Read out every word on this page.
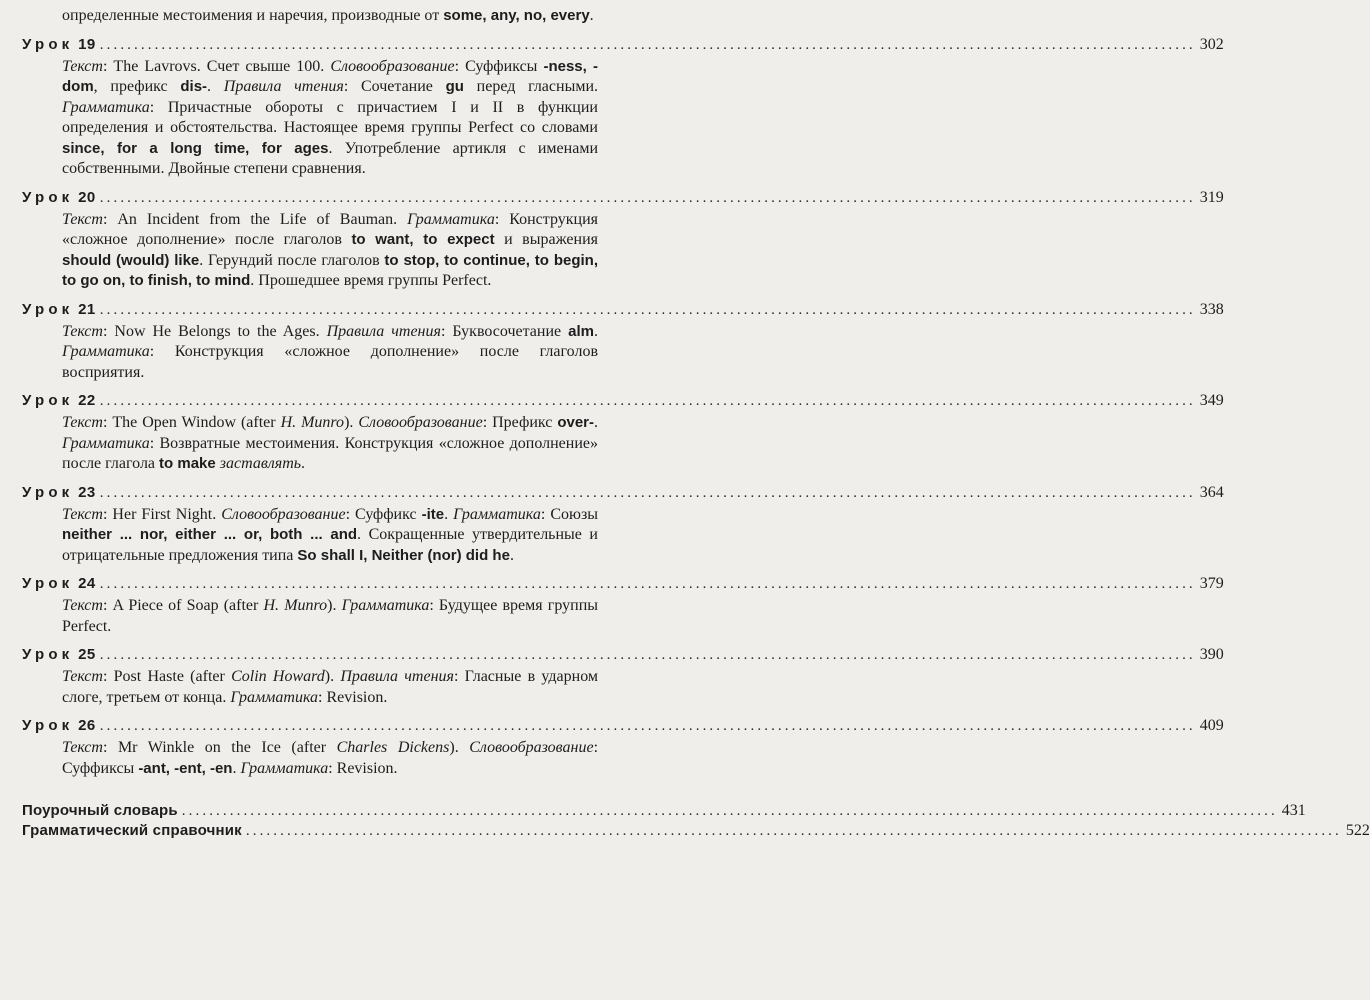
определенные местоимения и наречия, производные от some, any, no, every.

Урок 19 ................................................................................................................................................................ 302

Текст: The Lavrovs. Счет свыше 100. Словообразование: Суффиксы -ness, -dom, префикс dis-. Правила чтения: Сочетание gu перед гласными. Грамматика: Причастные обороты с причастием I и II в функции определения и обстоятельства. Настоящее время группы Perfect со словами since, for a long time, for ages. Употребление артикля с именами собственными. Двойные степени сравнения.

Урок 20 ................................................................................................................................................................ 319

Текст: An Incident from the Life of Bauman. Грамматика: Конструкция «сложное дополнение» после глаголов to want, to expect и выражения should (would) like. Герундий после глаголов to stop, to continue, to begin, to go on, to finish, to mind. Прошедшее время группы Perfect.

Урок 21 ................................................................................................................................................................ 338

Текст: Now He Belongs to the Ages. Правила чтения: Буквосочетание alm. Грамматика: Конструкция «сложное дополнение» после глаголов восприятия.

Урок 22 ................................................................................................................................................................ 349

Текст: The Open Window (after H. Munro). Словообразование: Префикс over-. Грамматика: Возвратные местоимения. Конструкция «сложное дополнение» после глагола to make заставлять.

Урок 23 ................................................................................................................................................................ 364

Текст: Her First Night. Словообразование: Суффикс -ite. Грамматика: Союзы neither ... nor, either ... or, both ... and. Сокращенные утвердительные и отрицательные предложения типа So shall I, Neither (nor) did he.

Урок 24 ................................................................................................................................................................ 379

Текст: A Piece of Soap (after H. Munro). Грамматика: Будущее время группы Perfect.

Урок 25 ................................................................................................................................................................ 390

Текст: Post Haste (after Colin Howard). Правила чтения: Гласные в ударном слоге, третьем от конца. Грамматика: Revision.

Урок 26 ................................................................................................................................................................ 409

Текст: Mr Winkle on the Ice (after Charles Dickens). Словообразование: Суффиксы -ant, -ent, -en. Грамматика: Revision.

Поурочный словарь ................................................................................................................................................................ 431
Грамматический справочник ................................................................................................................................................................ 522
